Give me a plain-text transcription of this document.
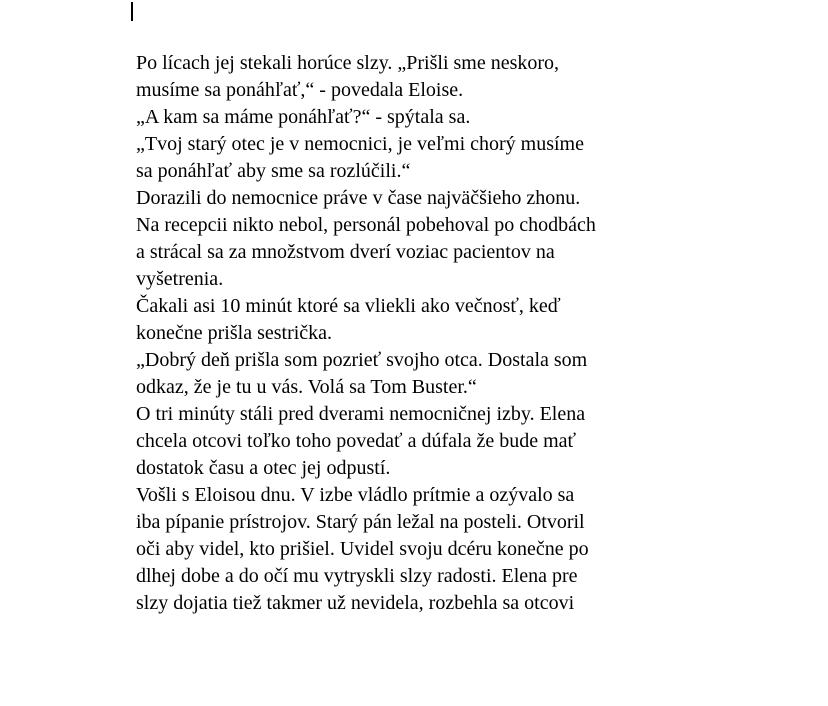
Po lícach jej stekali horúce slzy. „Prišli sme neskoro,
musíme sa ponáhľať,“ - povedala Eloise.
„A kam sa máme ponáhľať?“ - spýtala sa.
„Tvoj starý otec je v nemocnici, je veľmi chorý musíme
sa ponáhľať aby sme sa rozlúčili.“
Dorazili do nemocnice práve v čase najväčšieho zhonu.
Na recepcii nikto nebol, personál pobehoval po chodbách
a strácal sa za množstvom dverí voziac pacientov na
vyšetrenia.
Čakali asi 10 minút ktoré sa vliekli ako večnosť, keď
konečne prišla sestrička.
„Dobrý deň prišla som pozrieť svojho otca. Dostala som
odkaz, že je tu u vás. Volá sa Tom Buster.“
O tri minúty stáli pred dverami nemocničnej izby. Elena
chcela otcovi toľko toho povedať a dúfala že bude mať
dostatok času a otec jej odpustí.
Vošli s Eloisou dnu. V izbe vládlo prítmie a ozývalo sa
iba pípanie prístrojov. Starý pán ležal na posteli. Otvoril
oči aby videl, kto prišiel. Uvidel svoju dcéru konečne po
dlhej dobe a do očí mu vytryskli slzy radosti. Elena pre
slzy dojatia tiež takmer už nevidela, rozbehla sa otcovi
